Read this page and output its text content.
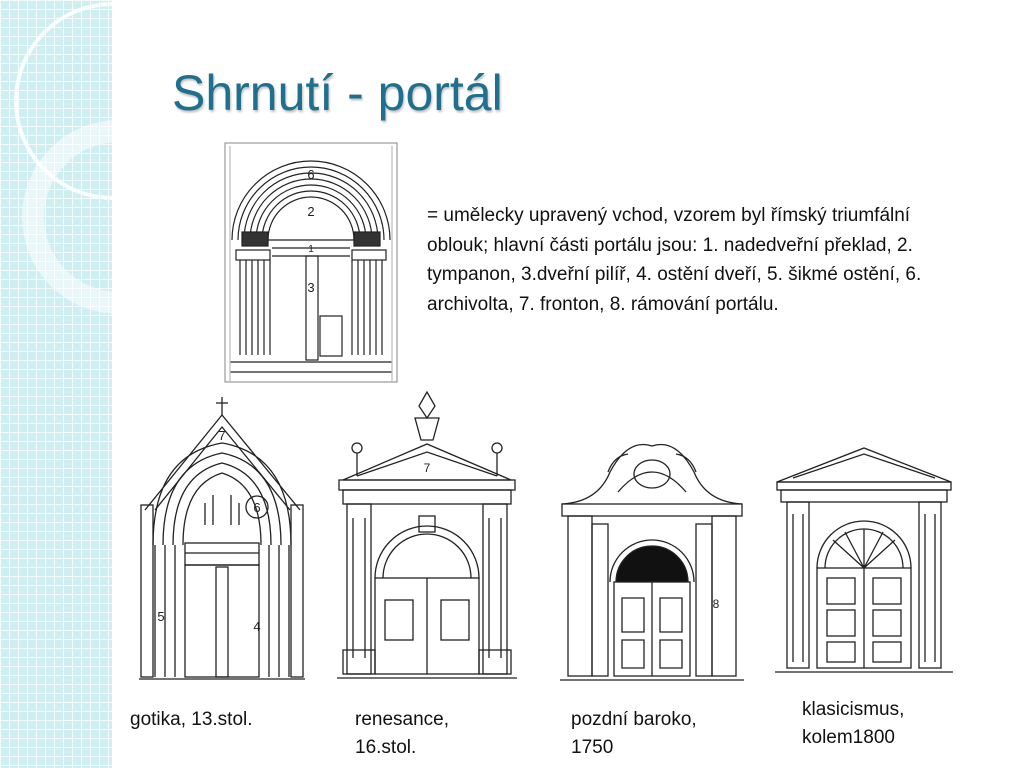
Shrnutí - portál
6
2
1
3

= umělecky upravený vchod, vzorem byl římský triumfální oblouk; hlavní části portálu jsou: 1. nadedveřní překlad, 2. tympanon, 3.dveřní pilíř, 4. ostění dveří, 5. šikmé ostění, 6. archivolta, 7. fronton, 8. rámování portálu.

7
6
5
4
7
8
gotika, 13.stol.	renesance,
16.stol.
pozdní baroko,
1750
klasicismus,
kolem1800
